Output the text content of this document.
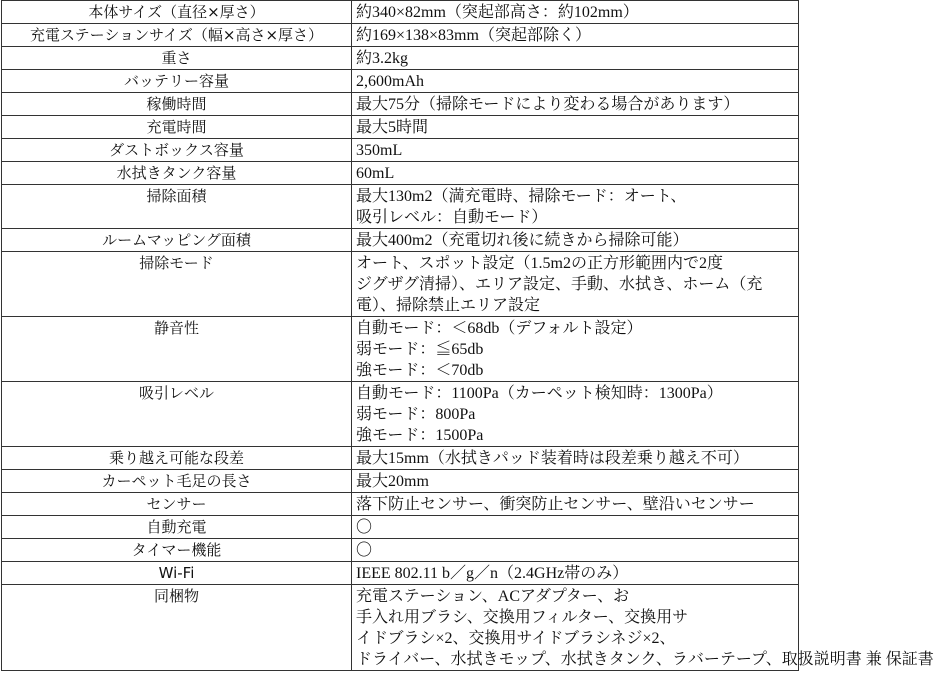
本体サイズ（直径×厚さ）	約340×82mm（突起部高さ：約102mm）

充電ステーションサイズ（幅×高さ×厚さ）	約169×138×83mm（突起部除く）

重さ	約3.2kg

バッテリー容量	2,600mAh

稼働時間	最大75分（掃除モードにより変わる場合があります）

充電時間	最大5時間

ダストボックス容量	350mL

水拭きタンク容量	60mL

掃除面積	最大130m2（満充電時、掃除モード：オート、
吸引レベル：自動モード）

ルームマッピング面積	最大400m2（充電切れ後に続きから掃除可能）

掃除モード	オート、スポット設定（1.5m2の正方形範囲内で2度
ジグザグ清掃）、エリア設定、手動、水拭き、ホーム（充
電）、掃除禁止エリア設定

静音性	自動モード：＜68db（デフォルト設定）
弱モード：≦65db
強モード：＜70db

吸引レベル	自動モード：1100Pa（カーペット検知時：1300Pa）
弱モード：800Pa
強モード：1500Pa

乗り越え可能な段差	最大15mm（水拭きパッド装着時は段差乗り越え不可）

カーペット毛足の長さ	最大20mm

センサー	落下防止センサー、衝突防止センサー、壁沿いセンサー

自動充電	〇

タイマー機能	〇

Wi-Fi	IEEE 802.11 b／g／n（2.4GHz帯のみ）

同梱物	充電ステーション、ACアダプター、お
手入れ用ブラシ、交換用フィルター、交換用サ
イドブラシ×2、交換用サイドブラシネジ×2、
ドライバー、水拭きモップ、水拭きタンク、ラバーテープ、取扱説明書 兼 保証書
